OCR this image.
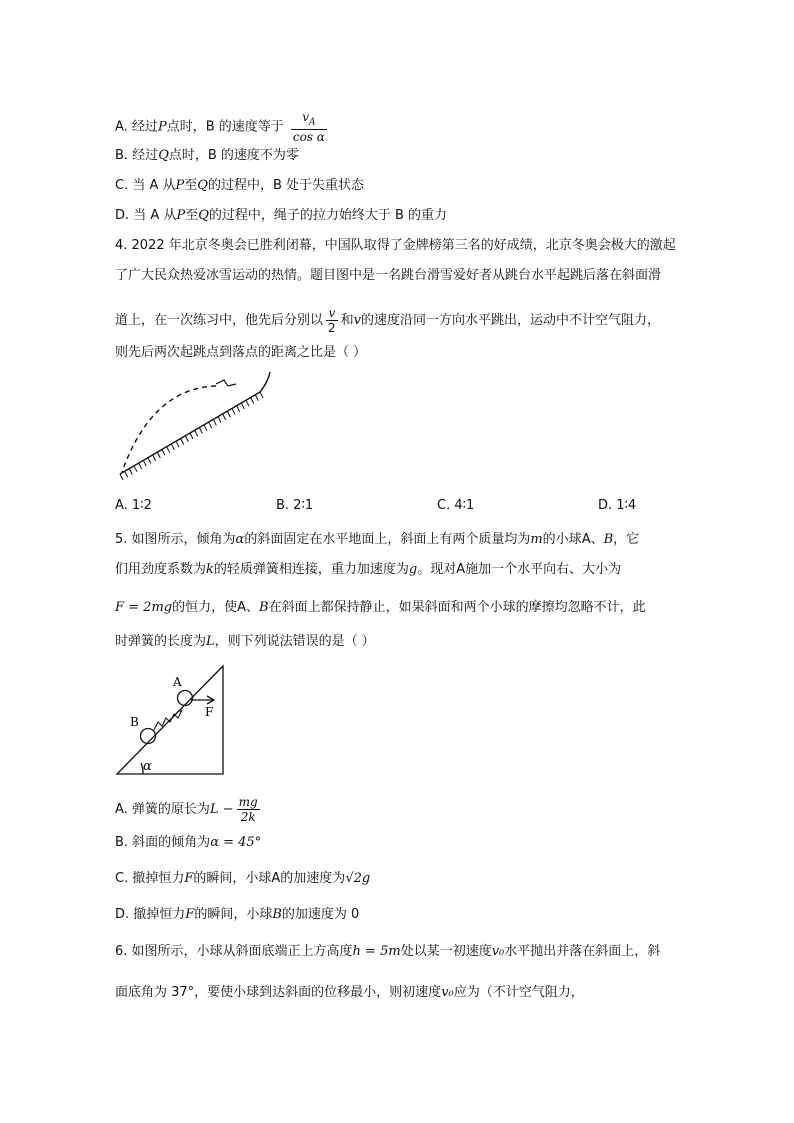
A. 经过P点时，B 的速度等于 $\frac{v_A}{\text{cos α}}$
B. 经过Q点时，B 的速度不为零
C. 当 A 从P至Q的过程中，B 处于失重状态
D. 当 A 从P至Q的过程中，绳子的拉力始终大于 B 的重力
4. 2022 年北京冬奥会已胜利闭幕，中国队取得了金牌榜第三名的好成绩，北京冬奥会极大的激起
了广大民众热爱冰雪运动的热情。题目图中是一名跳台滑雪爱好者从跳台水平起跳后落在斜面滑
道上，在一次练习中，他先后分别以 $\frac{v}{2}$ 和v的速度沿同一方向水平跳出，运动中不计空气阻力，
则先后两次起跳点到落点的距离之比是（ ）
A. 1∶2	B. 2∶1	C. 4∶1	D. 1∶4
5. 如图所示，倾角为α的斜面固定在水平地面上，斜面上有两个质量均为m的小球A、B，它
们用劲度系数为k的轻质弹簧相连接，重力加速度为g。现对A施加一个水平向右、大小为
F = 2mg的恒力，使A、B在斜面上都保持静止，如果斜面和两个小球的摩擦均忽略不计，此
时弹簧的长度为L，则下列说法错误的是（ ）
A
B
F
α
A. 弹簧的原长为$L - \frac{mg}{2k}$
B. 斜面的倾角为α = 45°
C. 撤掉恒力F的瞬间，小球A的加速度为√2g
D. 撤掉恒力F的瞬间，小球B的加速度为 0
6. 如图所示，小球从斜面底端正上方高度h = 5m处以某一初速度v₀水平抛出并落在斜面上，斜
面底角为 37°，要使小球到达斜面的位移最小，则初速度v₀应为（不计空气阻力，
